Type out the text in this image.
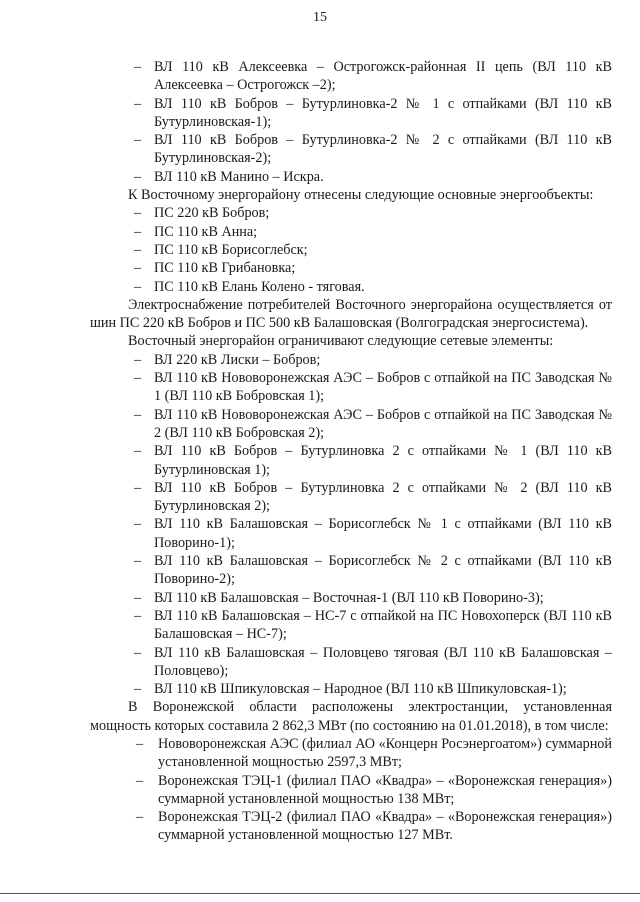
15
– ВЛ 110 кВ Алексеевка – Острогожск-районная II цепь (ВЛ 110 кВ Алексеевка – Острогожск –2);
– ВЛ 110 кВ Бобров – Бутурлиновка-2 № 1 с отпайками (ВЛ 110 кВ Бутурлиновская-1);
– ВЛ 110 кВ Бобров – Бутурлиновка-2 № 2 с отпайками (ВЛ 110 кВ Бутурлиновская-2);
– ВЛ 110 кВ Манино – Искра.
К Восточному энергорайону отнесены следующие основные энергообъекты:
– ПС 220 кВ Бобров;
– ПС 110 кВ Анна;
– ПС 110 кВ Борисоглебск;
– ПС 110 кВ Грибановка;
– ПС 110 кВ Елань Колено - тяговая.
Электроснабжение потребителей Восточного энергорайона осуществляется от шин ПС 220 кВ Бобров и ПС 500 кВ Балашовская (Волгоградская энергосистема).
Восточный энергорайон ограничивают следующие сетевые элементы:
– ВЛ 220 кВ Лиски – Бобров;
– ВЛ 110 кВ Нововоронежская АЭС – Бобров с отпайкой на ПС Заводская № 1 (ВЛ 110 кВ Бобровская 1);
– ВЛ 110 кВ Нововоронежская АЭС – Бобров с отпайкой на ПС Заводская № 2 (ВЛ 110 кВ Бобровская 2);
– ВЛ 110 кВ Бобров – Бутурлиновка 2 с отпайками № 1 (ВЛ 110 кВ Бутурлиновская 1);
– ВЛ 110 кВ Бобров – Бутурлиновка 2 с отпайками № 2 (ВЛ 110 кВ Бутурлиновская 2);
– ВЛ 110 кВ Балашовская – Борисоглебск № 1 с отпайками (ВЛ 110 кВ Поворино-1);
– ВЛ 110 кВ Балашовская – Борисоглебск № 2 с отпайками (ВЛ 110 кВ Поворино-2);
– ВЛ 110 кВ Балашовская – Восточная-1 (ВЛ 110 кВ Поворино-3);
– ВЛ 110 кВ Балашовская – НС-7 с отпайкой на ПС Новохоперск (ВЛ 110 кВ Балашовская – НС-7);
– ВЛ 110 кВ Балашовская – Половцево тяговая (ВЛ 110 кВ Балашовская – Половцево);
– ВЛ 110 кВ Шпикуловская – Народное (ВЛ 110 кВ Шпикуловская-1);
В Воронежской области расположены электростанции, установленная мощность которых составила 2 862,3 МВт (по состоянию на 01.01.2018), в том числе:
– Нововоронежская АЭС (филиал АО «Концерн Росэнергоатом») суммарной установленной мощностью 2597,3 МВт;
– Воронежская ТЭЦ-1 (филиал ПАО «Квадра» – «Воронежская генерация») суммарной установленной мощностью 138 МВт;
– Воронежская ТЭЦ-2 (филиал ПАО «Квадра» – «Воронежская генерация») суммарной установленной мощностью 127 МВт.
